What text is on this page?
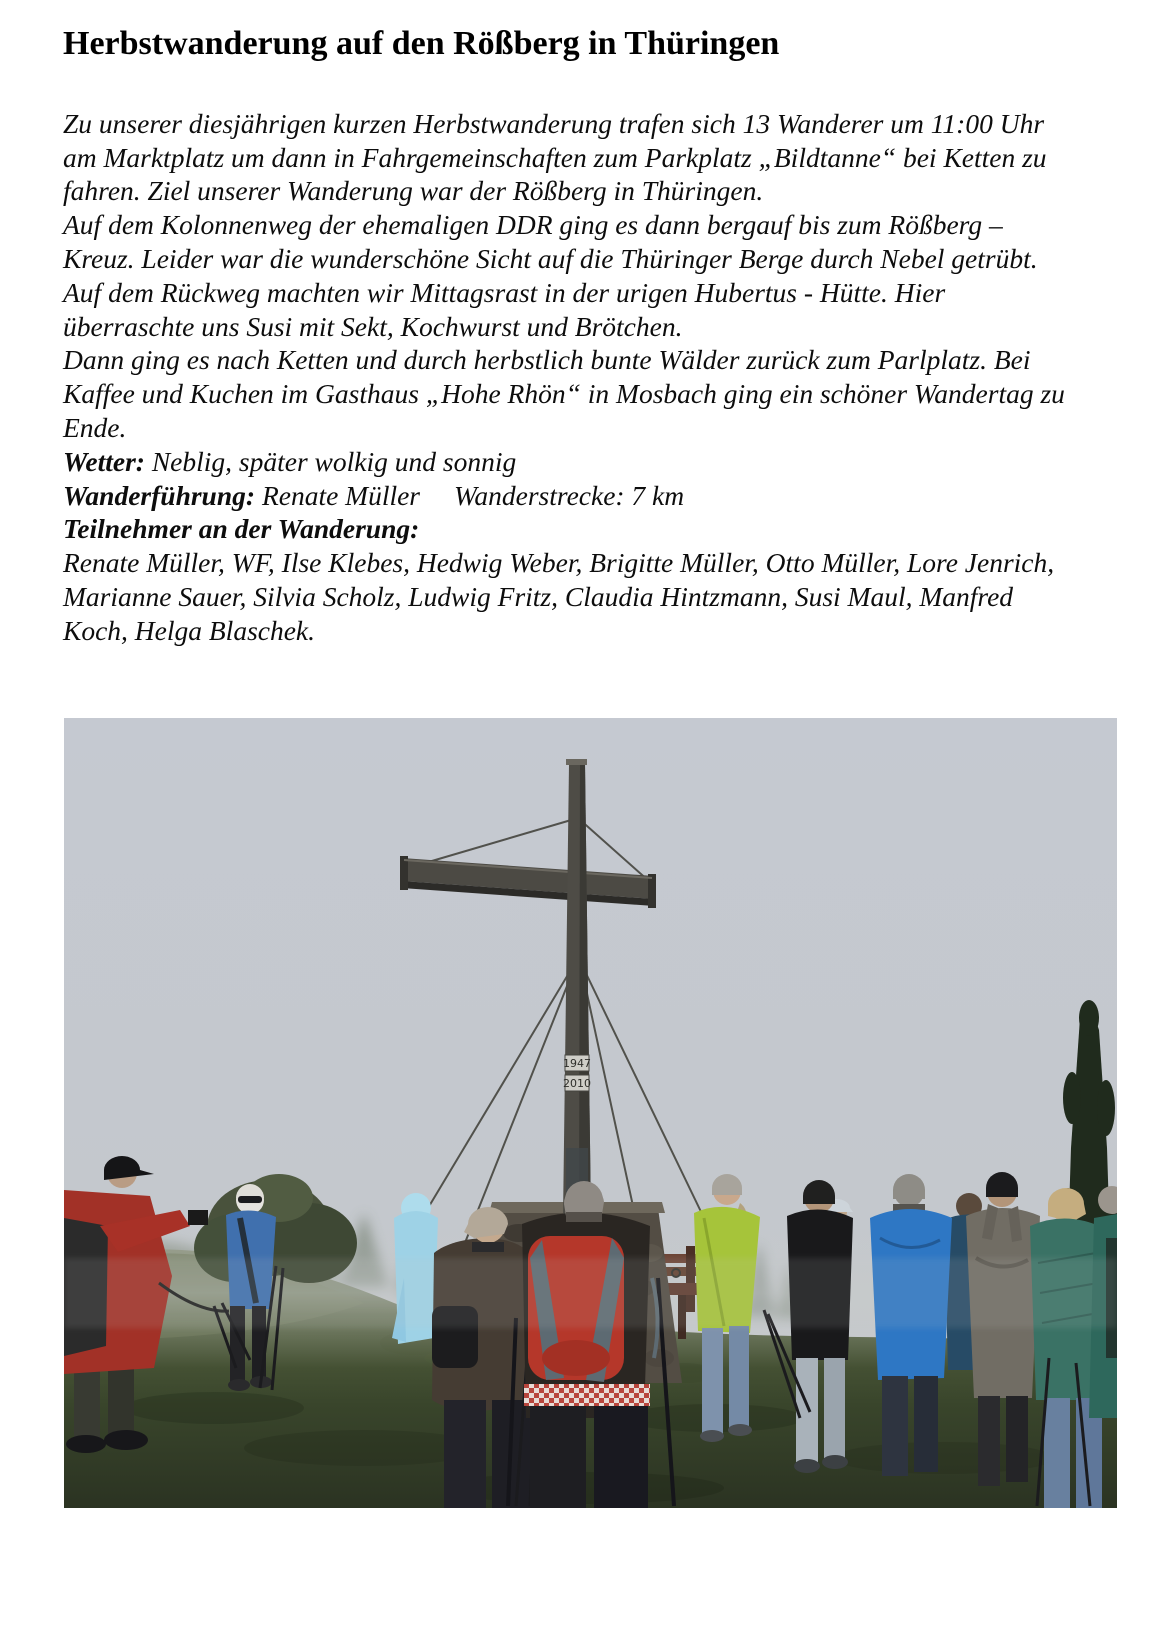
Herbstwanderung auf den Rößberg in Thüringen

Zu unserer diesjährigen kurzen Herbstwanderung trafen sich 13 Wanderer um 11:00 Uhr am Marktplatz um dann in Fahrgemeinschaften zum Parkplatz „Bildtanne“ bei Ketten zu fahren. Ziel unserer Wanderung war der Rößberg in Thüringen.

Auf dem Kolonnenweg der ehemaligen DDR ging es dann bergauf bis zum Rößberg – Kreuz. Leider war die wunderschöne Sicht auf die Thüringer Berge durch Nebel getrübt.

Auf dem Rückweg machten wir Mittagsrast in der urigen Hubertus - Hütte. Hier überraschte uns Susi mit Sekt, Kochwurst und Brötchen.

Dann ging es nach Ketten und durch herbstlich bunte Wälder zurück zum Parlplatz. Bei Kaffee und Kuchen im Gasthaus „Hohe Rhön“ in Mosbach ging ein schöner Wandertag zu Ende.

Wetter: Neblig, später wolkig und sonnig

Wanderführung: Renate Müller Wanderstrecke: 7 km

Teilnehmer an der Wanderung:

Renate Müller, WF, Ilse Klebes, Hedwig Weber, Brigitte Müller, Otto Müller, Lore Jenrich, Marianne Sauer, Silvia Scholz, Ludwig Fritz, Claudia Hintzmann, Susi Maul, Manfred Koch, Helga Blaschek.

1947
2010
